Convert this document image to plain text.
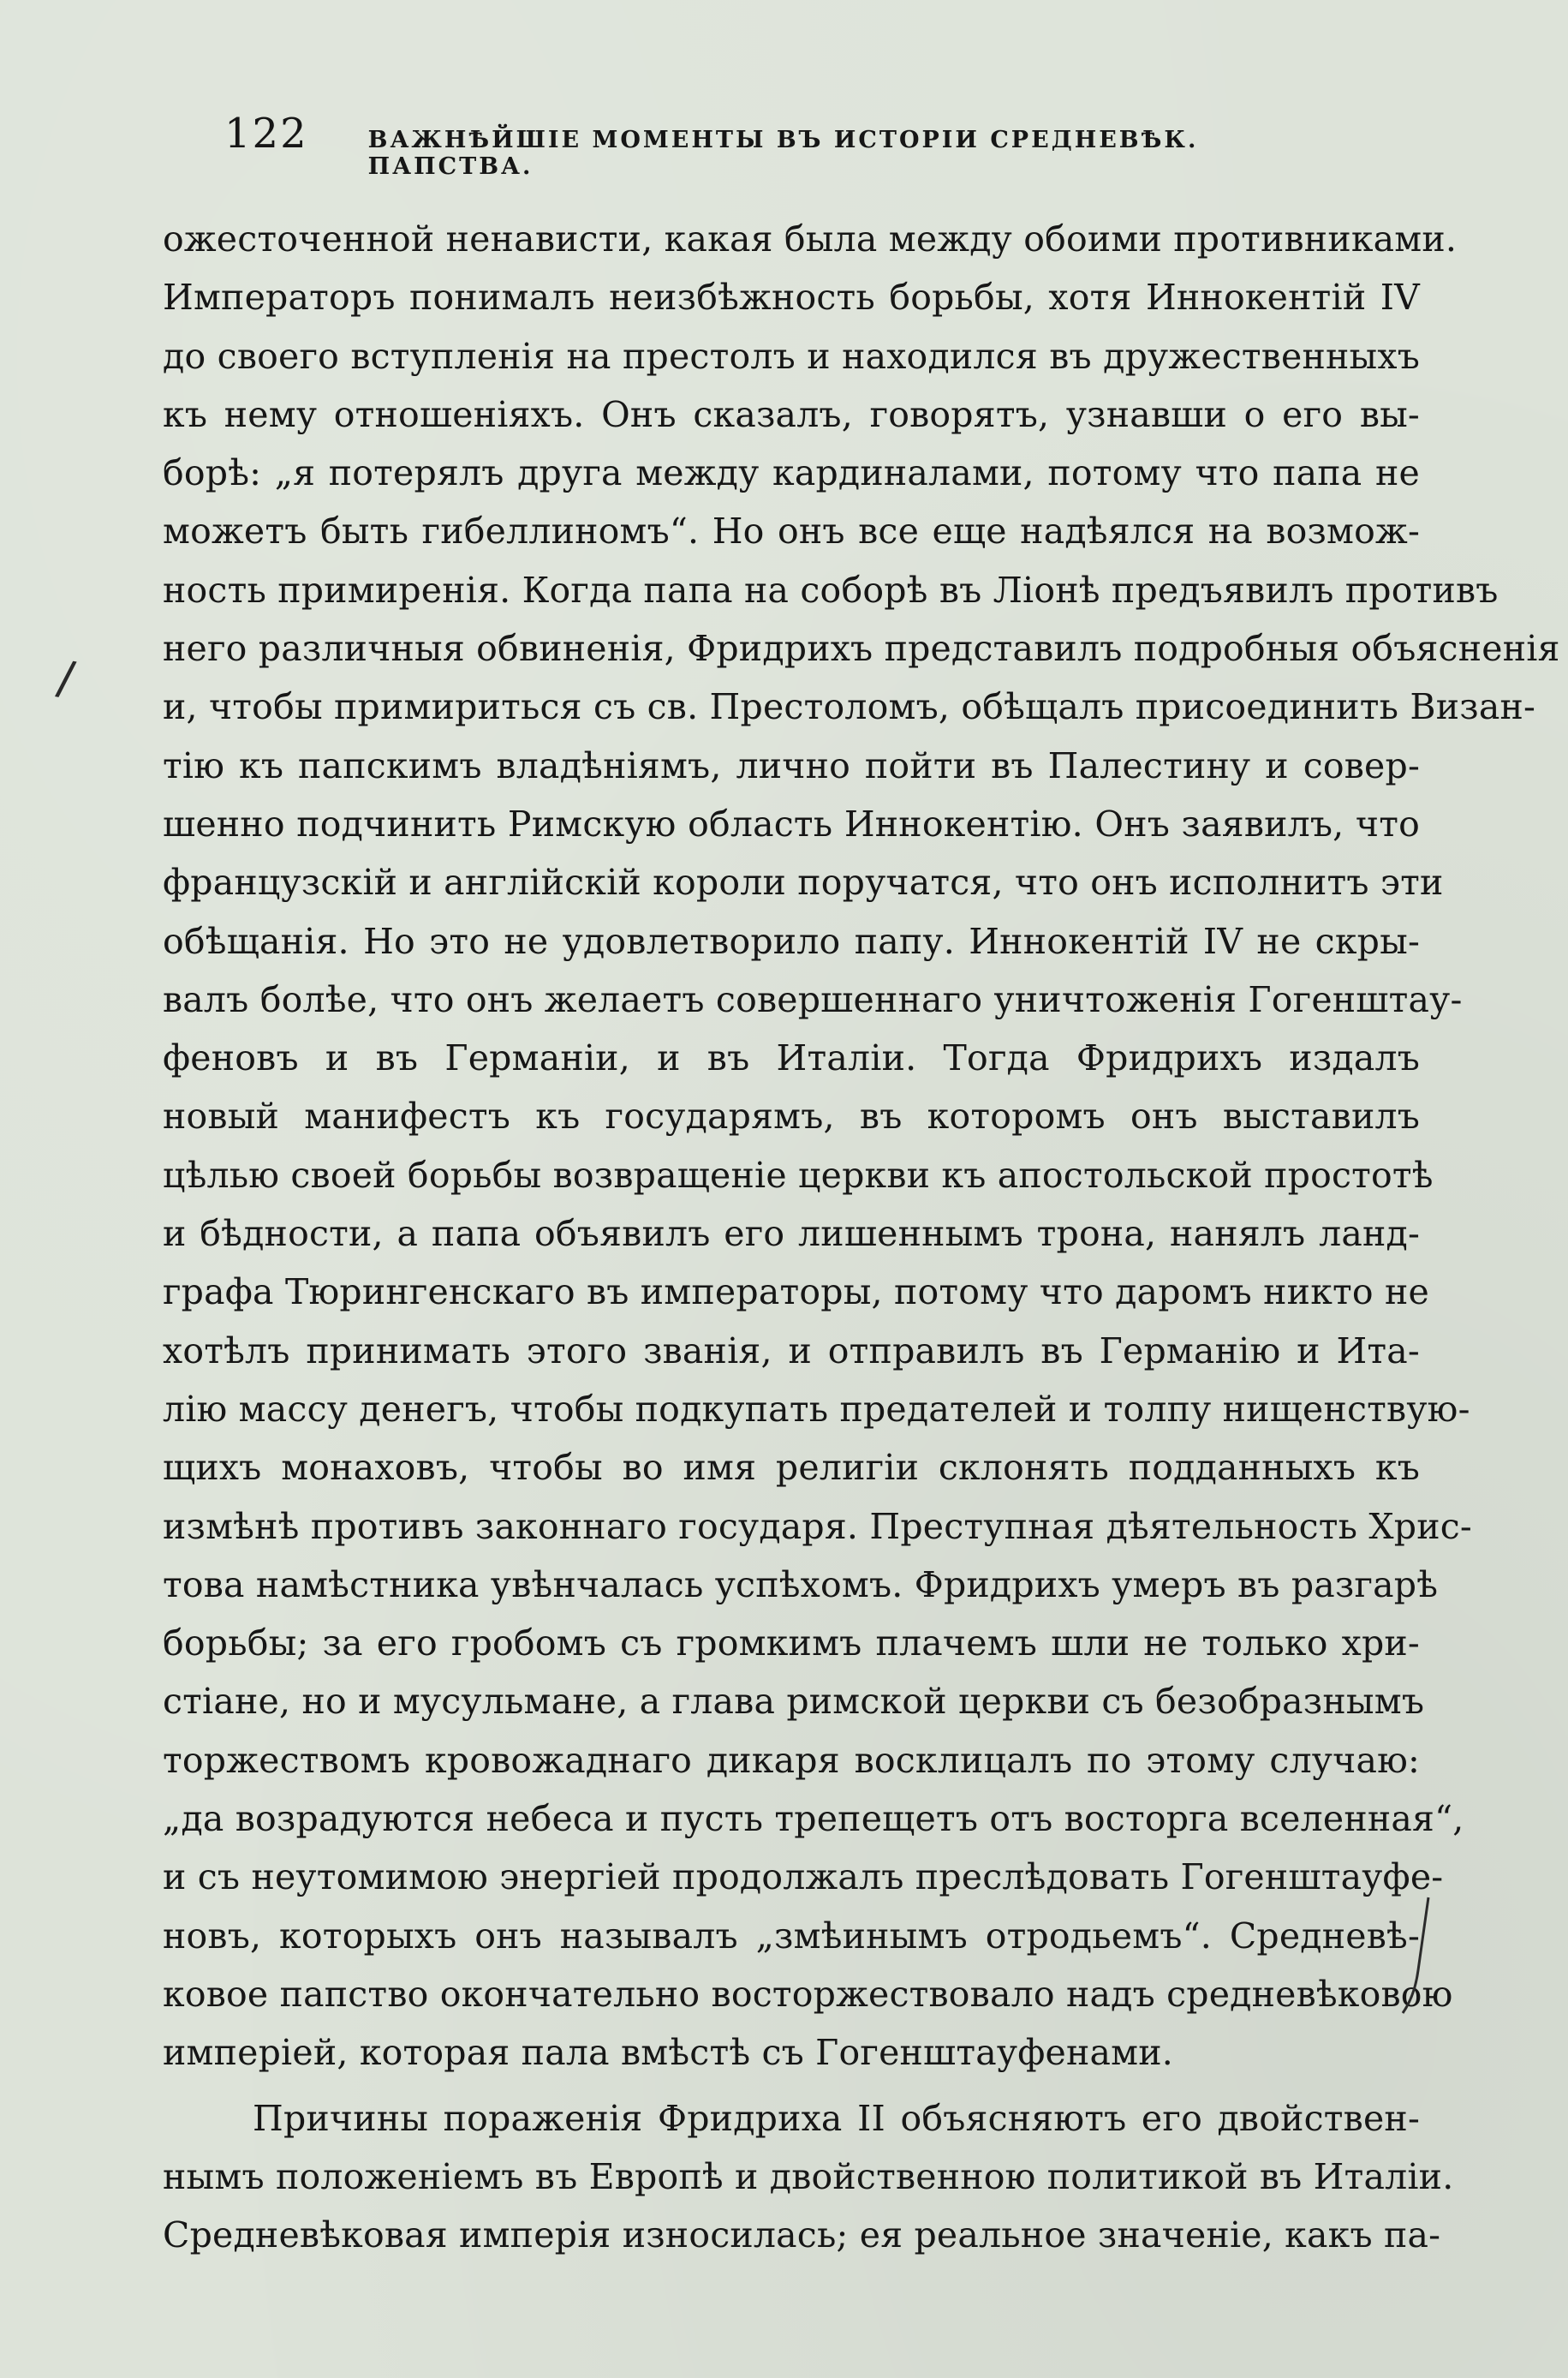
122	ВАЖНѢЙШІЕ МОМЕНТЫ ВЪ ИСТОРІИ СРЕДНЕВѢК. ПАПСТВА.
ожесточенной ненависти, какая была между обоими противниками.
Императоръ понималъ неизбѣжность борьбы, хотя Иннокентій IV
до своего вступленія на престолъ и находился въ дружественныхъ
къ нему отношеніяхъ. Онъ сказалъ, говорятъ, узнавши о его вы-
борѣ: „я потерялъ друга между кардиналами, потому что папа не
можетъ быть гибеллиномъ“. Но онъ все еще надѣялся на возмож-
ность примиренія. Когда папа на соборѣ въ Ліонѣ предъявилъ противъ
него различныя обвиненія, Фридрихъ представилъ подробныя объясненія
и, чтобы примириться съ св. Престоломъ, обѣщалъ присоединить Визан-
тію къ папскимъ владѣніямъ, лично пойти въ Палестину и совер-
шенно подчинить Римскую область Иннокентію. Онъ заявилъ, что
французскій и англійскій короли поручатся, что онъ исполнитъ эти
обѣщанія. Но это не удовлетворило папу. Иннокентій IV не скры-
валъ болѣе, что онъ желаетъ совершеннаго уничтоженія Гогенштау-
феновъ и въ Германіи, и въ Италіи. Тогда Фридрихъ издалъ
новый манифестъ къ государямъ, въ которомъ онъ выставилъ
цѣлью своей борьбы возвращеніе церкви къ апостольской простотѣ
и бѣдности, а папа объявилъ его лишеннымъ трона, нанялъ ланд-
графа Тюрингенскаго въ императоры, потому что даромъ никто не
хотѣлъ принимать этого званія, и отправилъ въ Германію и Ита-
лію массу денегъ, чтобы подкупать предателей и толпу нищенствую-
щихъ монаховъ, чтобы во имя религіи склонять подданныхъ къ
измѣнѣ противъ законнаго государя. Преступная дѣятельность Хрис-
това намѣстника увѣнчалась успѣхомъ. Фридрихъ умеръ въ разгарѣ
борьбы; за его гробомъ съ громкимъ плачемъ шли не только хри-
стіане, но и мусульмане, а глава римской церкви съ безобразнымъ
торжествомъ кровожаднаго дикаря восклицалъ по этому случаю:
„да возрадуются небеса и пусть трепещетъ отъ восторга вселенная“,
и съ неутомимою энергіей продолжалъ преслѣдовать Гогенштауфе-
новъ, которыхъ онъ называлъ „змѣинымъ отродьемъ“. Средневѣ-
ковое папство окончательно восторжествовало надъ средневѣковою
имперіей, которая пала вмѣстѣ съ Гогенштауфенами.
Причины пораженія Фридриха II объясняютъ его двойствен-
нымъ положеніемъ въ Европѣ и двойственною политикой въ Италіи.
Средневѣковая имперія износилась; ея реальное значеніе, какъ па-
/
